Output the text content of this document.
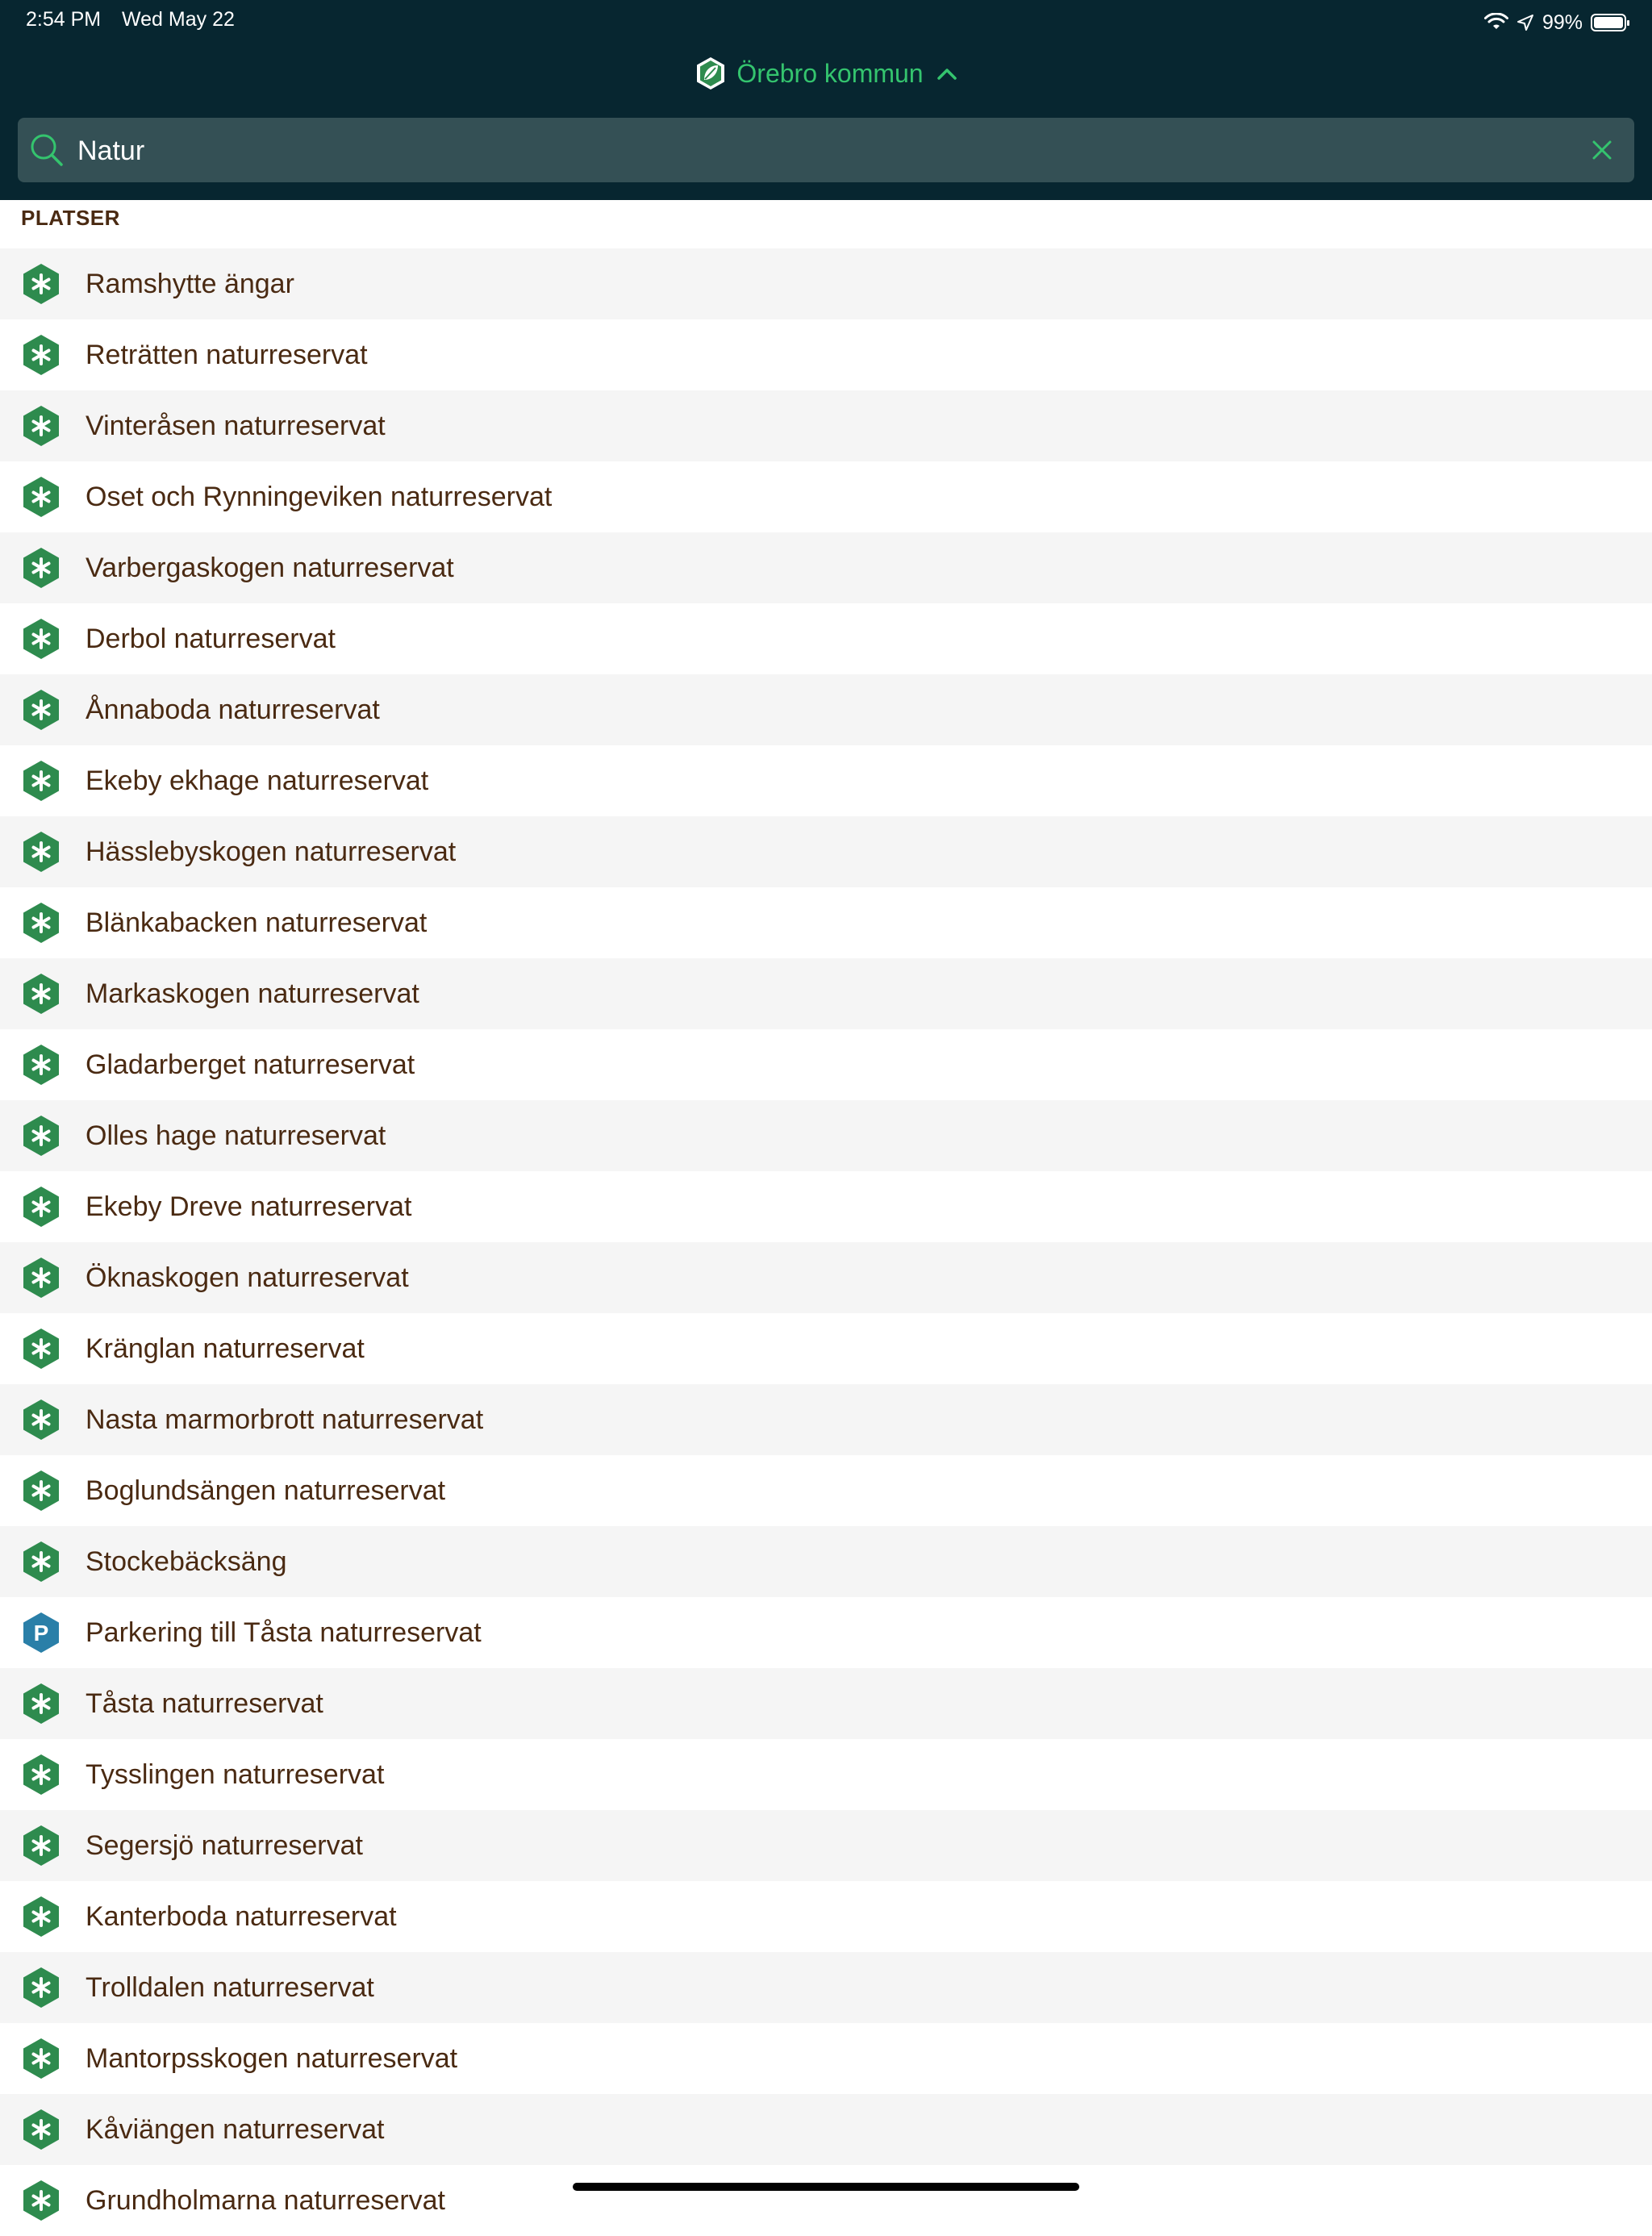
2:54 PM Wed May 22	99%
Örebro kommun
Natur
PLATSER
Ramshytte ängar
Reträtten naturreservat
Vinteråsen naturreservat
Oset och Rynningeviken naturreservat
Varbergaskogen naturreservat
Derbol naturreservat
Ånnaboda naturreservat
Ekeby ekhage naturreservat
Hässlebyskogen naturreservat
Blänkabacken naturreservat
Markaskogen naturreservat
Gladarberget naturreservat
Olles hage naturreservat
Ekeby Dreve naturreservat
Öknaskogen naturreservat
Kränglan naturreservat
Nasta marmorbrott naturreservat
Boglundsängen naturreservat
Stockebäcksäng
P Parkering till Tåsta naturreservat
Tåsta naturreservat
Tysslingen naturreservat
Segersjö naturreservat
Kanterboda naturreservat
Trolldalen naturreservat
Mantorpsskogen naturreservat
Kåviängen naturreservat
Grundholmarna naturreservat
